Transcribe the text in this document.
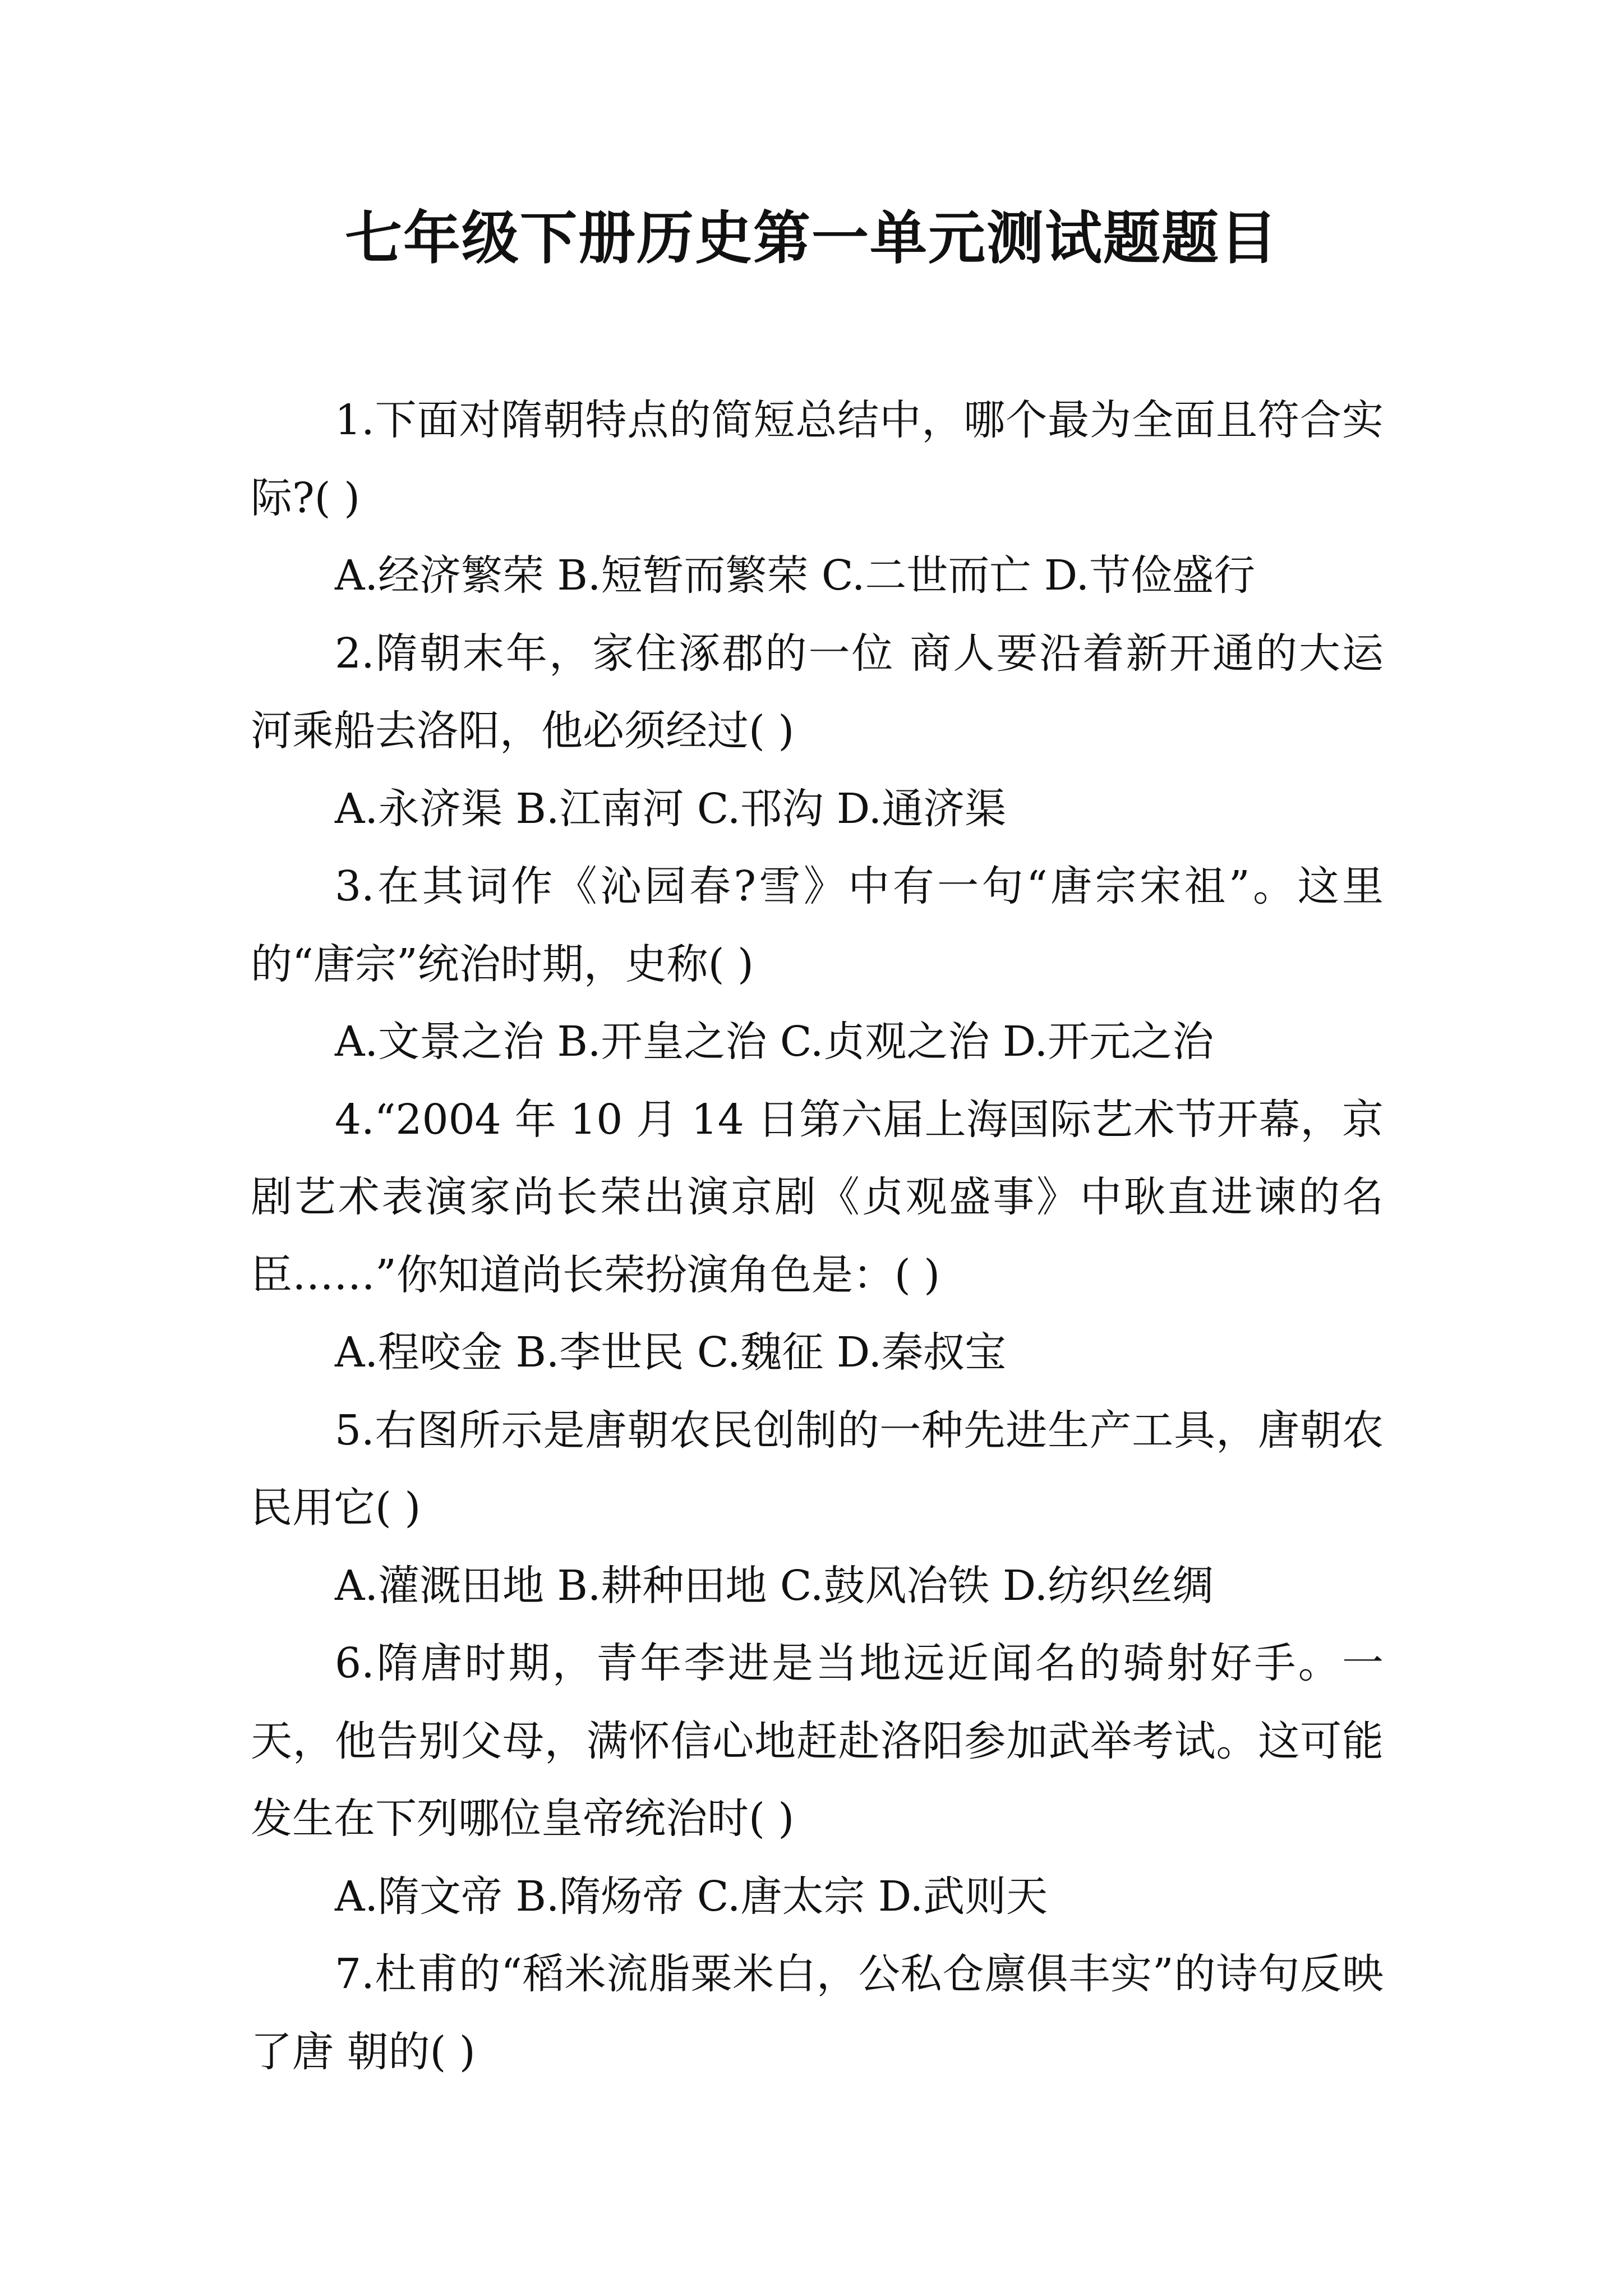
七年级下册历史第一单元测试题题目

1.下面对隋朝特点的简短总结中，哪个最为全面且符合实际?( )

A.经济繁荣 B.短暂而繁荣 C.二世而亡 D.节俭盛行

2.隋朝末年，家住涿郡的一位 商人要沿着新开通的大运河乘船去洛阳，他必须经过( )

A.永济渠 B.江南河 C.邗沟 D.通济渠

3.在其词作《沁园春?雪》中有一句“唐宗宋祖”。这里的“唐宗”统治时期，史称( )

A.文景之治 B.开皇之治 C.贞观之治 D.开元之治

4.“2004 年 10 月 14 日第六届上海国际艺术节开幕，京剧艺术表演家尚长荣出演京剧《贞观盛事》中耿直进谏的名臣……”你知道尚长荣扮演角色是：( )

A.程咬金 B.李世民 C.魏征 D.秦叔宝

5.右图所示是唐朝农民创制的一种先进生产工具，唐朝农民用它( )

A.灌溉田地 B.耕种田地 C.鼓风冶铁 D.纺织丝绸

6.隋唐时期，青年李进是当地远近闻名的骑射好手。一天，他告别父母，满怀信心地赶赴洛阳参加武举考试。这可能发生在下列哪位皇帝统治时( )

A.隋文帝 B.隋炀帝 C.唐太宗 D.武则天

7.杜甫的“稻米流脂粟米白，公私仓廪俱丰实”的诗句反映了唐 朝的( )
